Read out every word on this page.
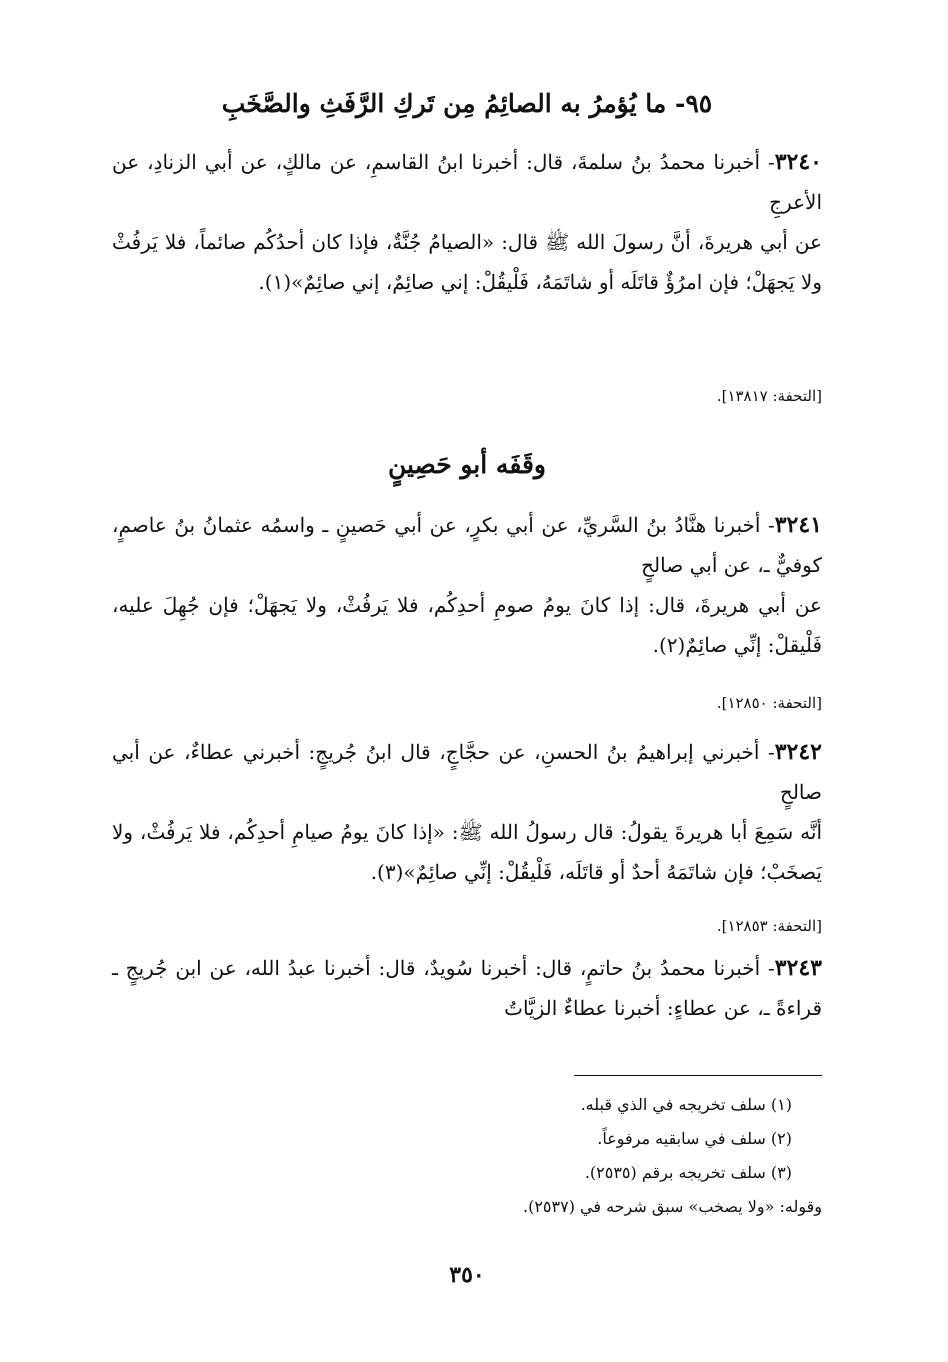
٩٥- ما يُؤمرُ به الصائِمُ مِن تَركِ الرَّفَثِ والصَّخَبِ

٣٢٤٠- أخبرنا محمدُ بنُ سلمةَ، قال: أخبرنا ابنُ القاسمِ، عن مالكٍ، عن أبي الزنادِ، عن الأعرجِ

عن أبي هريرةَ، أنَّ رسولَ الله ﷺ قال: «الصيامُ جُنَّةٌ، فإذا كان أحدُكُم صائماً، فلا يَرفُثْ ولا يَجهَلْ؛ فإن امرُؤٌ قاتَلَه أو شاتَمَهُ، فَلْيقُلْ: إني صائِمٌ، إني صائِمٌ»(١).

[التحفة: ١٣٨١٧].
وقَفَه أبو حَصِينٍ

٣٢٤١- أخبرنا هنَّادُ بنُ السَّريِّ، عن أبي بكرٍ، عن أبي حَصينٍ ـ واسمُه عثمانُ بنُ عاصمٍ، كوفيٌّ ـ، عن أبي صالحٍ

عن أبي هريرةَ، قال: إذا كانَ يومُ صومِ أحدِكُم، فلا يَرفُثْ، ولا يَجهَلْ؛ فإن جُهِلَ عليه، فَلْيقلْ: إنِّي صائِمٌ(٢).

[التحفة: ١٢٨٥٠].

٣٢٤٢- أخبرني إبراهيمُ بنُ الحسنِ، عن حجَّاجٍ، قال ابنُ جُريجٍ: أخبرني عطاءٌ، عن أبي صالحٍ

أنَّه سَمِعَ أبا هريرةَ يقولُ: قال رسولُ الله ﷺ: «إذا كانَ يومُ صيامِ أحدِكُم، فلا يَرفُثْ، ولا يَصخَبْ؛ فإن شاتَمَهُ أحدٌ أو قاتَلَه، فَلْيقُلْ: إنِّي صائِمٌ»(٣).

[التحفة: ١٢٨٥٣].

٣٢٤٣- أخبرنا محمدُ بنُ حاتمٍ، قال: أخبرنا سُويدٌ، قال: أخبرنا عبدُ الله، عن ابن جُريجٍ ـ قراءةً ـ، عن عطاءٍ: أخبرنا عطاءٌ الزيَّاتُ

(١) سلف تخريجه في الذي قبله.
(٢) سلف في سابقيه مرفوعاً.
(٣) سلف تخريجه برقم (٢٥٣٥).
وقوله: «ولا يصخب» سبق شرحه في (٢٥٣٧).
٣٥٠
